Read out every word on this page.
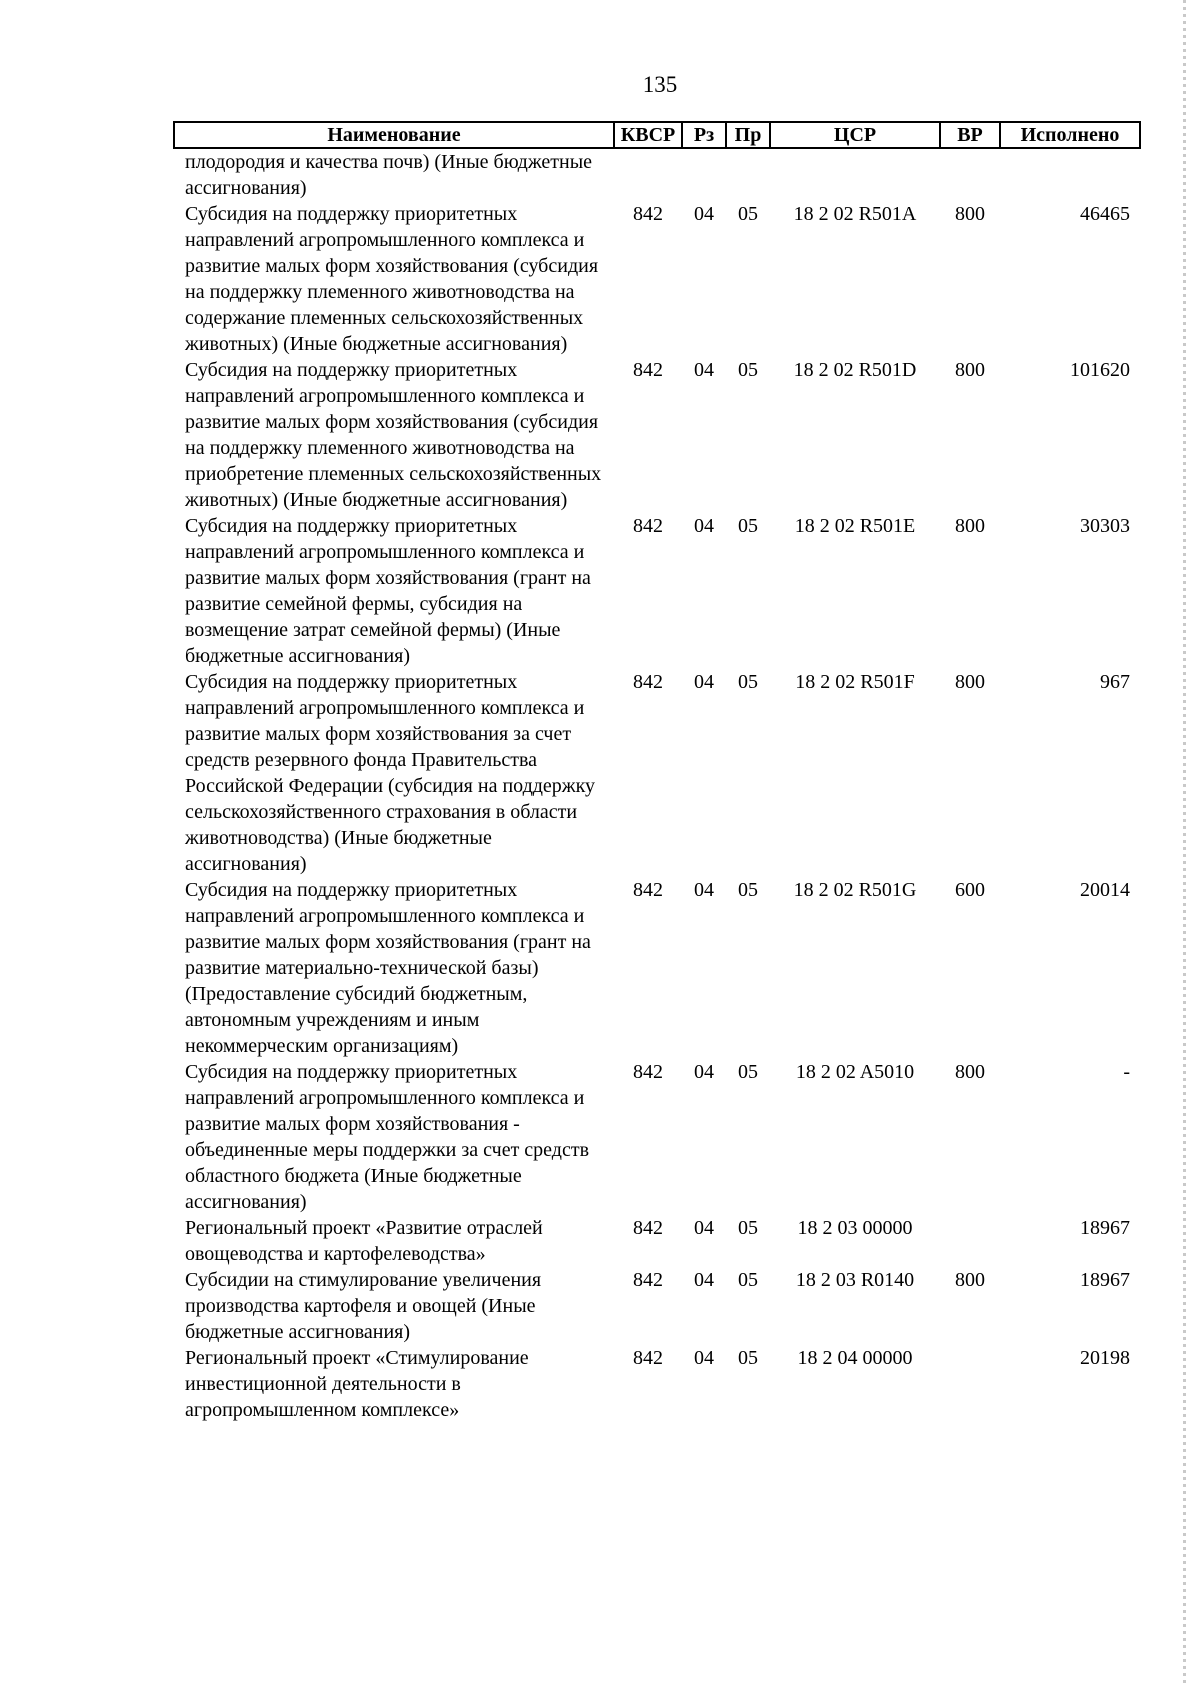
135
Наименование	КВСР	Рз	Пр	ЦСР	ВР	Исполнено
плодородия и качества почв) (Иные бюджетные ассигнования)						
Субсидия на поддержку приоритетных направлений агропромышленного комплекса и развитие малых форм хозяйствования (субсидия на поддержку племенного животноводства на содержание племенных сельскохозяйственных животных) (Иные бюджетные ассигнования)	842	04	05	18 2 02 R501A	800	46465
Субсидия на поддержку приоритетных направлений агропромышленного комплекса и развитие малых форм хозяйствования (субсидия на поддержку племенного животноводства на приобретение племенных сельскохозяйственных животных) (Иные бюджетные ассигнования)	842	04	05	18 2 02 R501D	800	101620
Субсидия на поддержку приоритетных направлений агропромышленного комплекса и развитие малых форм хозяйствования (грант на развитие семейной фермы, субсидия на возмещение затрат семейной фермы) (Иные бюджетные ассигнования)	842	04	05	18 2 02 R501E	800	30303
Субсидия на поддержку приоритетных направлений агропромышленного комплекса и развитие малых форм хозяйствования за счет средств резервного фонда Правительства Российской Федерации (субсидия на поддержку сельскохозяйственного страхования в области животноводства) (Иные бюджетные ассигнования)	842	04	05	18 2 02 R501F	800	967
Субсидия на поддержку приоритетных направлений агропромышленного комплекса и развитие малых форм хозяйствования (грант на развитие материально-технической базы) (Предоставление субсидий бюджетным, автономным учреждениям и иным некоммерческим организациям)	842	04	05	18 2 02 R501G	600	20014
Субсидия на поддержку приоритетных направлений агропромышленного комплекса и развитие малых форм хозяйствования - объединенные меры поддержки за счет средств областного бюджета (Иные бюджетные ассигнования)	842	04	05	18 2 02 A5010	800	-
Региональный проект «Развитие отраслей овощеводства и картофелеводства»	842	04	05	18 2 03 00000		18967
Субсидии на стимулирование увеличения производства картофеля и овощей (Иные бюджетные ассигнования)	842	04	05	18 2 03 R0140	800	18967
Региональный проект «Стимулирование инвестиционной деятельности в агропромышленном комплексе»	842	04	05	18 2 04 00000		20198
